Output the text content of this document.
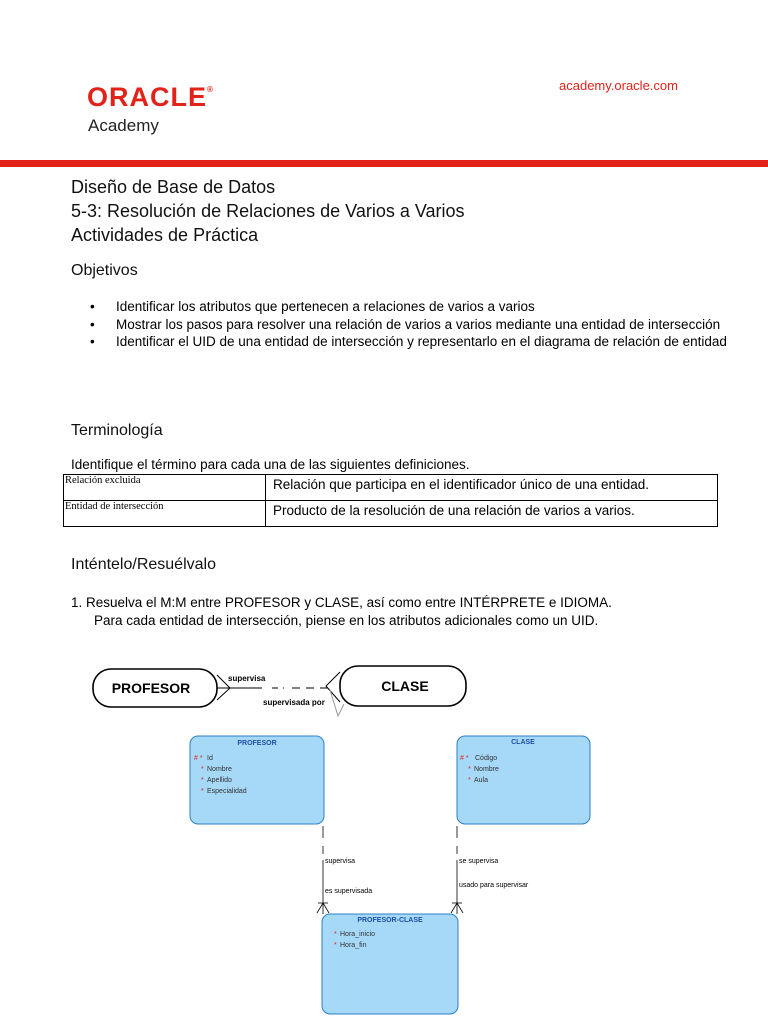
ORACLE®
Academy
academy.oracle.com
Diseño de Base de Datos
5-3: Resolución de Relaciones de Varios a Varios
Actividades de Práctica
Objetivos
• Identificar los atributos que pertenecen a relaciones de varios a varios
• Mostrar los pasos para resolver una relación de varios a varios mediante una entidad de intersección
• Identificar el UID de una entidad de intersección y representarlo en el diagrama de relación de entidad
Terminología
Identifique el término para cada una de las siguientes definiciones.
Relación excluida	Relación que participa en el identificador único de una entidad.
Entidad de intersección	Producto de la resolución de una relación de varios a varios.
Inténtelo/Resuélvalo
1. Resuelva el M:M entre PROFESOR y CLASE, así como entre INTÉRPRETE e IDIOMA.
Para cada entidad de intersección, piense en los atributos adicionales como un UID.
PROFESOR	CLASE
supervisa
supervisada por
PROFESOR
# * Id
* Nombre
* Apellido
* Especialidad
CLASE
# * Código
* Nombre
* Aula
supervisa
es supervisada
se supervisa
usado para supervisar
PROFESOR-CLASE
* Hora_inicio
* Hora_fin
